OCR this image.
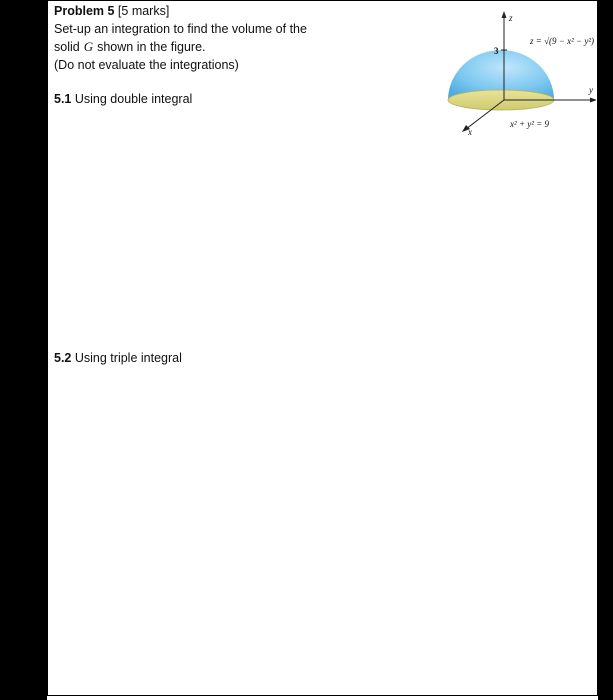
Problem 5 [5 marks]
Set-up an integration to find the volume of the
solid G shown in the figure.
(Do not evaluate the integrations)
5.1 Using double integral
5.2 Using triple integral
z
y
x
3
z = √(9 − x² − y²)
x² + y² = 9
